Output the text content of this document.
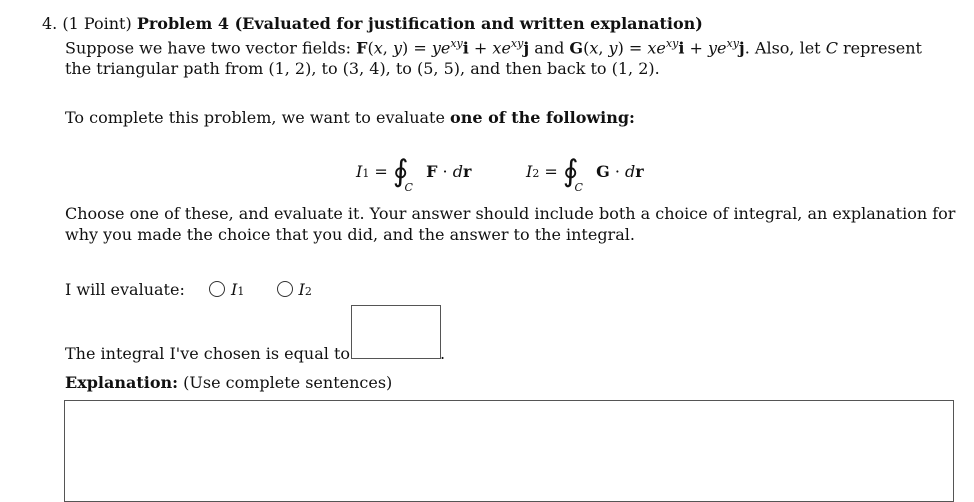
4. (1 Point) Problem 4 (Evaluated for justification and written explanation)
Suppose we have two vector fields: F(x, $y) = ye^{xy}i + xe^{xy}j$ and G(x, $y) = xe^{xy}i + ye^{xy}j$. Also, let C represent
the triangular path from (1, 2), to (3, 4), to (5, 5), and then back to (1, 2).
To complete this problem, we want to evaluate one of the following:
$I1 = ∮_C$ F · dr	$I2 = ∮_C$ G · dr
Choose one of these, and evaluate it. Your answer should include both a choice of integral, an explanation for
why you made the choice that you did, and the answer to the integral.
I will evaluate:	I1	I2
The integral I've chosen is equal to	.
Explanation: (Use complete sentences)
